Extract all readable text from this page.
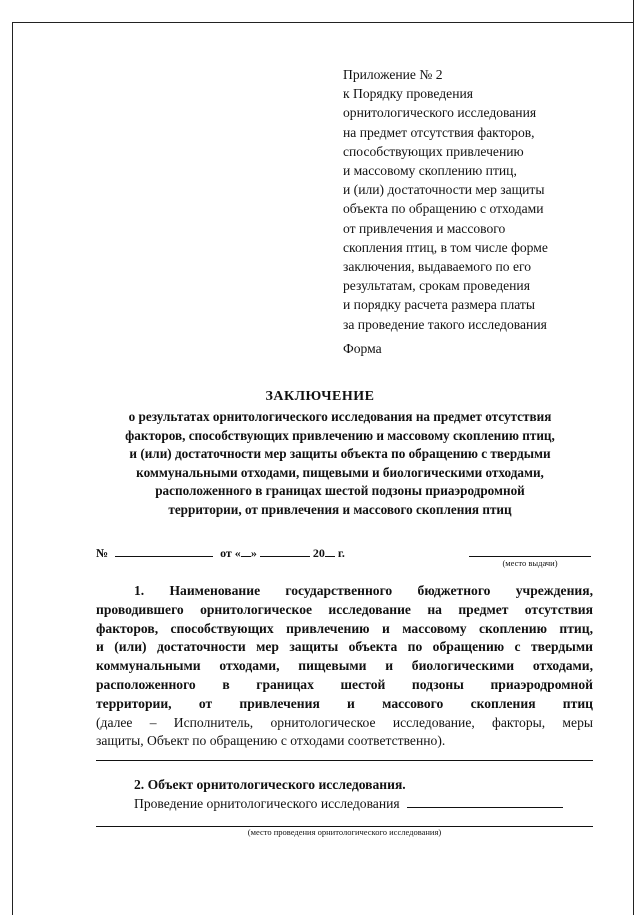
Приложение № 2
к Порядку проведения
орнитологического исследования
на предмет отсутствия факторов,
способствующих привлечению
и массовому скоплению птиц,
и (или) достаточности мер защиты
объекта по обращению с отходами
от привлечения и массового
скопления птиц, в том числе форме
заключения, выдаваемого по его
результатам, срокам проведения
и порядку расчета размера платы
за проведение такого исследования
Форма
ЗАКЛЮЧЕНИЕ
о результатах орнитологического исследования на предмет отсутствия
факторов, способствующих привлечению и массовому скоплению птиц,
и (или) достаточности мер защиты объекта по обращению с твердыми
коммунальными отходами, пищевыми и биологическими отходами,
расположенного в границах шестой подзоны приаэродромной
территории, от привлечения и массового скопления птиц
№	от « »	20 г.
(место выдачи)
1. Наименование государственного бюджетного учреждения,
проводившего орнитологическое исследование на предмет отсутствия
факторов, способствующих привлечению и массовому скоплению птиц,
и (или) достаточности мер защиты объекта по обращению с твердыми
коммунальными отходами, пищевыми и биологическими отходами,
расположенного в границах шестой подзоны приаэродромной
территории, от привлечения и массового скопления птиц
(далее – Исполнитель, орнитологическое исследование, факторы, меры
защиты, Объект по обращению с отходами соответственно).
2. Объект орнитологического исследования.
Проведение орнитологического исследования
(место проведения орнитологического исследования)
